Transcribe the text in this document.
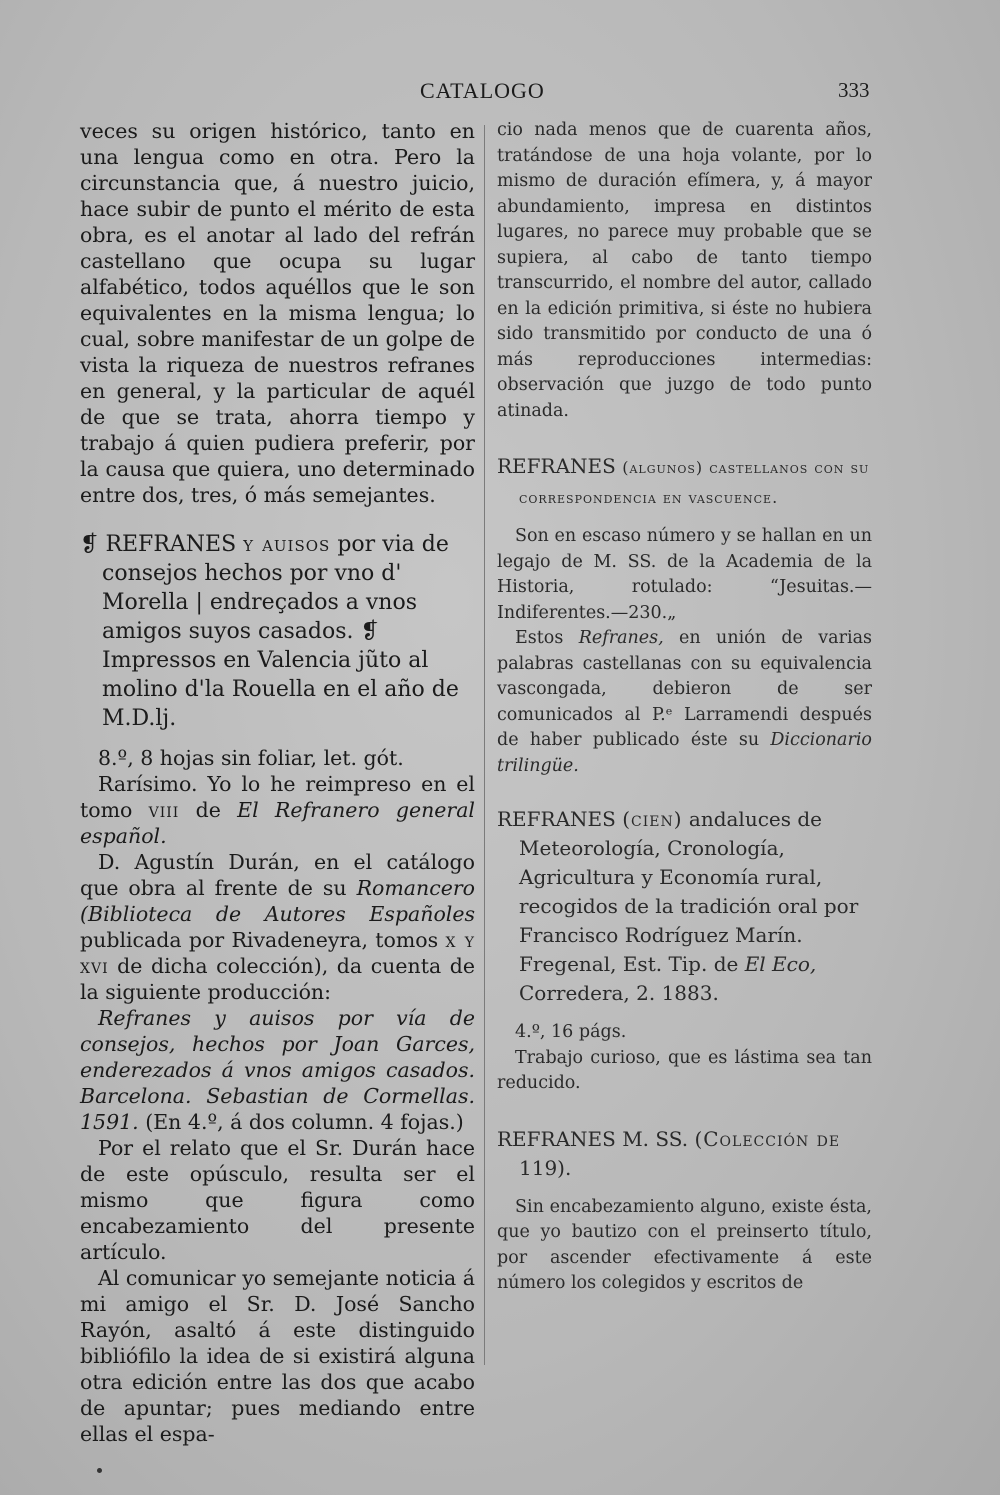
CATALOGO	333

veces su origen histórico, tanto en una lengua como en otra. Pero la circunstancia que, á nuestro juicio, hace subir de punto el mérito de esta obra, es el anotar al lado del refrán castellano que ocupa su lugar alfabético, todos aquéllos que le son equivalentes en la misma lengua; lo cual, sobre manifestar de un golpe de vista la riqueza de nuestros refranes en general, y la particular de aquél de que se trata, ahorra tiempo y trabajo á quien pudiera preferir, por la causa que quiera, uno determinado entre dos, tres, ó más semejantes.

❡ REFRANES y auisos por via de consejos hechos por vno d' Morella | endreçados a vnos amigos suyos casados. ❡ Impressos en Valencia jũto al molino d'la Rouella en el año de M.D.lj.

8.º, 8 hojas sin foliar, let. gót.

Rarísimo. Yo lo he reimpreso en el tomo viii de El Refranero general español.

D. Agustín Durán, en el catálogo que obra al frente de su Romancero (Biblioteca de Autores Españoles publicada por Rivadeneyra, tomos x y xvi de dicha colección), da cuenta de la siguiente producción:

Refranes y auisos por vía de consejos, hechos por Joan Garces, enderezados á vnos amigos casados. Barcelona. Sebastian de Cormellas. 1591. (En 4.º, á dos column. 4 fojas.)

Por el relato que el Sr. Durán hace de este opúsculo, resulta ser el mismo que figura como encabezamiento del presente artículo.

Al comunicar yo semejante noticia á mi amigo el Sr. D. José Sancho Rayón, asaltó á este distinguido bibliófilo la idea de si existirá alguna otra edición entre las dos que acabo de apuntar; pues mediando entre ellas el espa-

cio nada menos que de cuarenta años, tratándose de una hoja volante, por lo mismo de duración efímera, y, á mayor abundamiento, impresa en distintos lugares, no parece muy probable que se supiera, al cabo de tanto tiempo transcurrido, el nombre del autor, callado en la edición primitiva, si éste no hubiera sido transmitido por conducto de una ó más reproducciones intermedias: observación que juzgo de todo punto atinada.

REFRANES (algunos) castellanos con su correspondencia en vascuence.

Son en escaso número y se hallan en un legajo de M. SS. de la Academia de la Historia, rotulado: “Jesuitas.—Indiferentes.—230.„

Estos Refranes, en unión de varias palabras castellanas con su equivalencia vascongada, debieron de ser comunicados al P.ᵉ Larramendi después de haber publicado éste su Diccionario trilingüe.

REFRANES (cien) andaluces de Meteorología, Cronología, Agricultura y Economía rural, recogidos de la tradición oral por Francisco Rodríguez Marín. Fregenal, Est. Tip. de El Eco, Corredera, 2. 1883.

4.º, 16 págs.

Trabajo curioso, que es lástima sea tan reducido.

REFRANES M. SS. (Colección de 119).

Sin encabezamiento alguno, existe ésta, que yo bautizo con el preinserto título, por ascender efectivamente á este número los colegidos y escritos de
